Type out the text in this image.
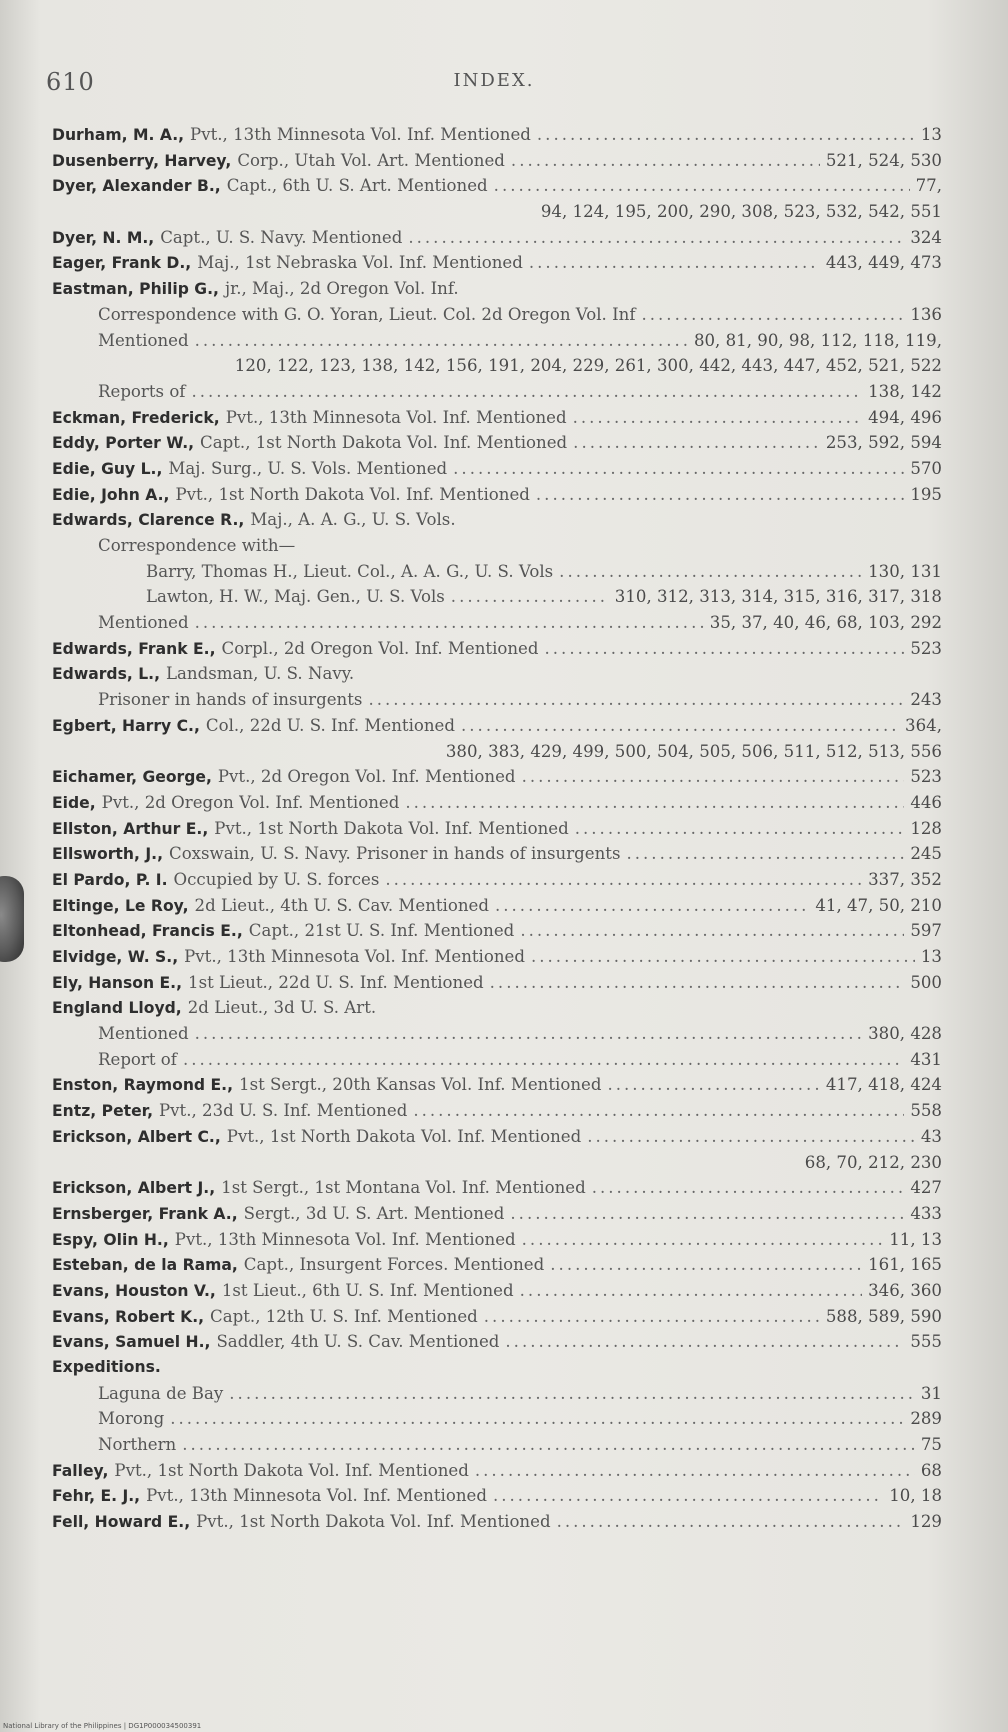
610	INDEX.
Durham, M. A., Pvt., 13th Minnesota Vol. Inf. Mentioned .....	13
Dusenberry, Harvey, Corp., Utah Vol. Art. Mentioned .....	521, 524, 530
Dyer, Alexander B., Capt., 6th U. S. Art. Mentioned .....	77,
94, 124, 195, 200, 290, 308, 523, 532, 542, 551
Dyer, N. M., Capt., U. S. Navy. Mentioned .....	324
Eager, Frank D., Maj., 1st Nebraska Vol. Inf. Mentioned .....	443, 449, 473
Eastman, Philip G., jr., Maj., 2d Oregon Vol. Inf.
Correspondence with G. O. Yoran, Lieut. Col. 2d Oregon Vol. Inf .....	136
Mentioned .....	80, 81, 90, 98, 112, 118, 119,
120, 122, 123, 138, 142, 156, 191, 204, 229, 261, 300, 442, 443, 447, 452, 521, 522
Reports of .....	138, 142
Eckman, Frederick, Pvt., 13th Minnesota Vol. Inf. Mentioned .....	494, 496
Eddy, Porter W., Capt., 1st North Dakota Vol. Inf. Mentioned .....	253, 592, 594
Edie, Guy L., Maj. Surg., U. S. Vols. Mentioned .....	570
Edie, John A., Pvt., 1st North Dakota Vol. Inf. Mentioned .....	195
Edwards, Clarence R., Maj., A. A. G., U. S. Vols.
Correspondence with—
Barry, Thomas H., Lieut. Col., A. A. G., U. S. Vols .....	130, 131
Lawton, H. W., Maj. Gen., U. S. Vols .....	310, 312, 313, 314, 315, 316, 317, 318
Mentioned .....	35, 37, 40, 46, 68, 103, 292
Edwards, Frank E., Corpl., 2d Oregon Vol. Inf. Mentioned .....	523
Edwards, L., Landsman, U. S. Navy.
Prisoner in hands of insurgents .....	243
Egbert, Harry C., Col., 22d U. S. Inf. Mentioned .....	364,
380, 383, 429, 499, 500, 504, 505, 506, 511, 512, 513, 556
Eichamer, George, Pvt., 2d Oregon Vol. Inf. Mentioned .....	523
Eide, Pvt., 2d Oregon Vol. Inf. Mentioned .....	446
Ellston, Arthur E., Pvt., 1st North Dakota Vol. Inf. Mentioned .....	128
Ellsworth, J., Coxswain, U. S. Navy. Prisoner in hands of insurgents .....	245
El Pardo, P. I. Occupied by U. S. forces .....	337, 352
Eltinge, Le Roy, 2d Lieut., 4th U. S. Cav. Mentioned .....	41, 47, 50, 210
Eltonhead, Francis E., Capt., 21st U. S. Inf. Mentioned .....	597
Elvidge, W. S., Pvt., 13th Minnesota Vol. Inf. Mentioned .....	13
Ely, Hanson E., 1st Lieut., 22d U. S. Inf. Mentioned .....	500
England Lloyd, 2d Lieut., 3d U. S. Art.
Mentioned .....	380, 428
Report of .....	431
Enston, Raymond E., 1st Sergt., 20th Kansas Vol. Inf. Mentioned .....	417, 418, 424
Entz, Peter, Pvt., 23d U. S. Inf. Mentioned .....	558
Erickson, Albert C., Pvt., 1st North Dakota Vol. Inf. Mentioned .....	43
68, 70, 212, 230
Erickson, Albert J., 1st Sergt., 1st Montana Vol. Inf. Mentioned .....	427
Ernsberger, Frank A., Sergt., 3d U. S. Art. Mentioned .....	433
Espy, Olin H., Pvt., 13th Minnesota Vol. Inf. Mentioned .....	11, 13
Esteban, de la Rama, Capt., Insurgent Forces. Mentioned .....	161, 165
Evans, Houston V., 1st Lieut., 6th U. S. Inf. Mentioned .....	346, 360
Evans, Robert K., Capt., 12th U. S. Inf. Mentioned .....	588, 589, 590
Evans, Samuel H., Saddler, 4th U. S. Cav. Mentioned .....	555
Expeditions.
Laguna de Bay .....	31
Morong .....	289
Northern .....	75
Falley, Pvt., 1st North Dakota Vol. Inf. Mentioned .....	68
Fehr, E. J., Pvt., 13th Minnesota Vol. Inf. Mentioned .....	10, 18
Fell, Howard E., Pvt., 1st North Dakota Vol. Inf. Mentioned .....	129
National Library of the Philippines | DG1P000034500391
